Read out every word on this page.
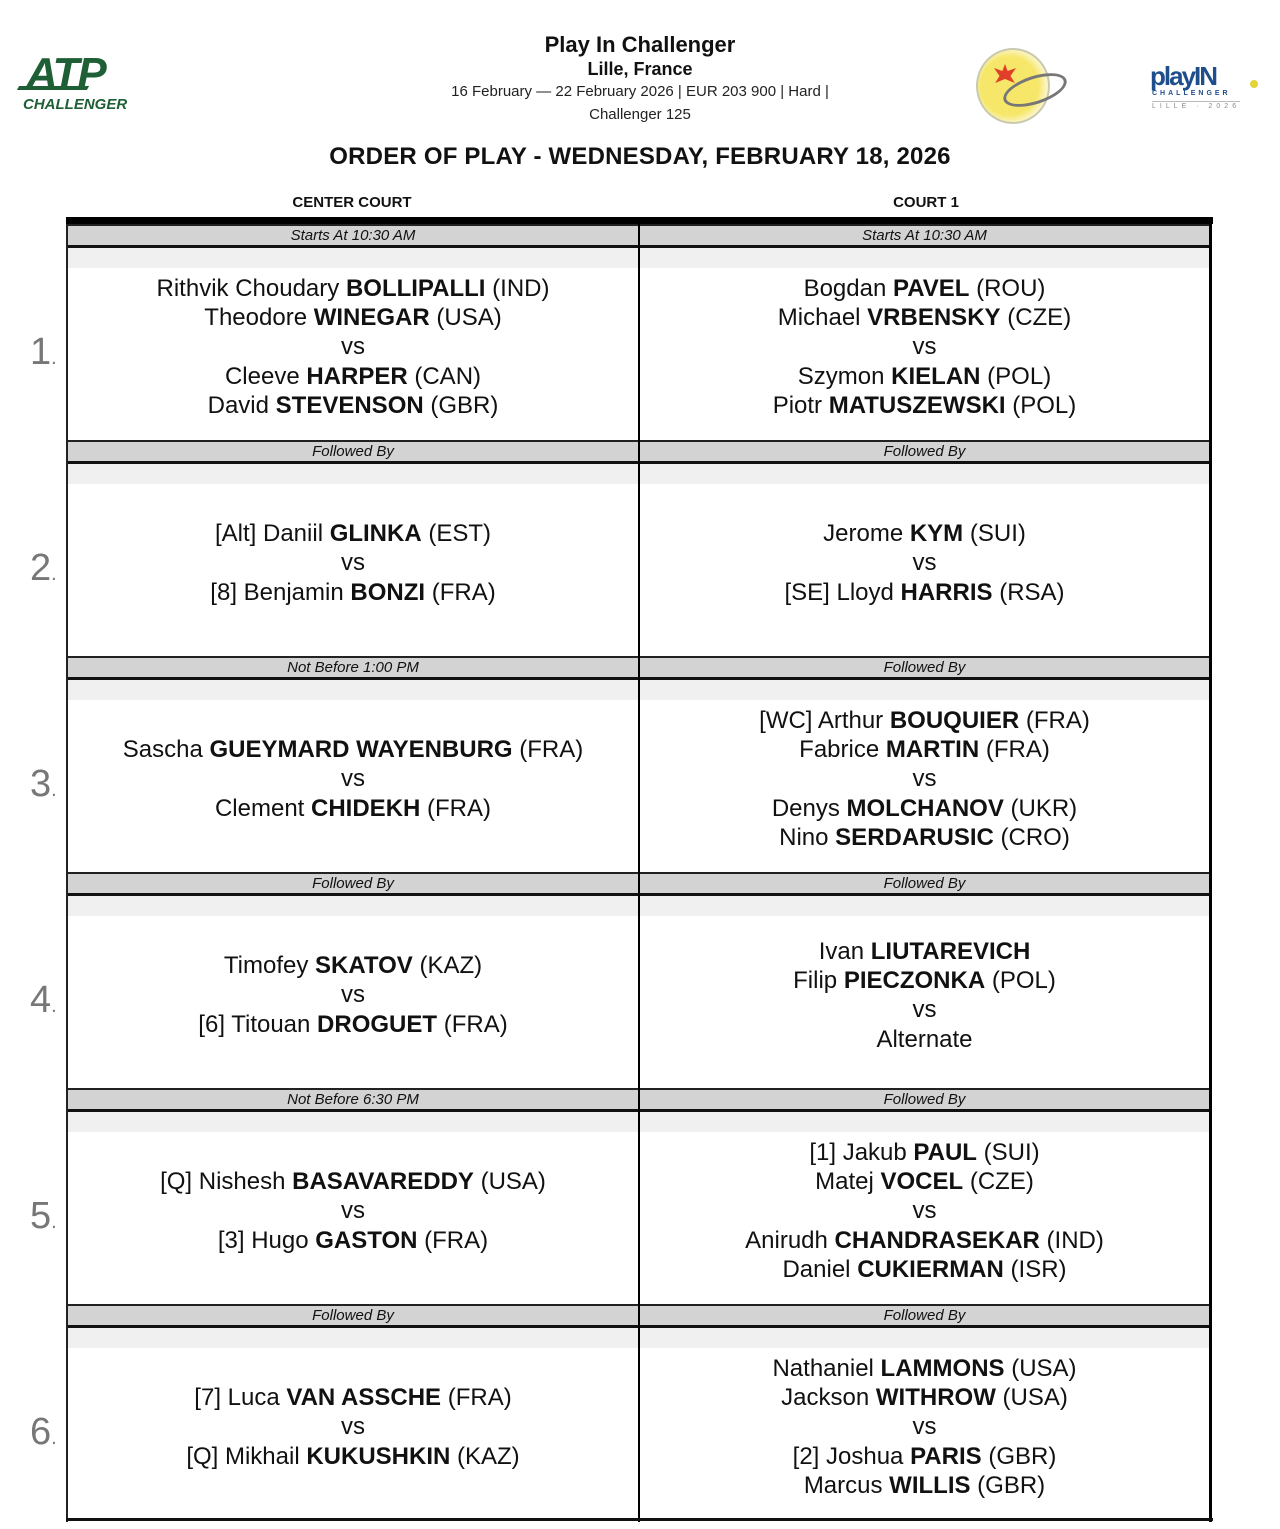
ATP
CHALLENGER
playIN
CHALLENGER
LILLE · 2026
Play In Challenger
Lille, France
16 February — 22 February 2026 | EUR 203 900 | Hard |
Challenger 125
ORDER OF PLAY - WEDNESDAY, FEBRUARY 18, 2026
CENTER COURT	COURT 1
1.
2.
3.
4.
5.
6.
Starts At 10:30 AM
Rithvik Choudary BOLLIPALLI (IND)
Theodore WINEGAR (USA)
vs
Cleeve HARPER (CAN)
David STEVENSON (GBR)
Followed By
[Alt] Daniil GLINKA (EST)
vs
[8] Benjamin BONZI (FRA)
Not Before 1:00 PM
Sascha GUEYMARD WAYENBURG (FRA)
vs
Clement CHIDEKH (FRA)
Followed By
Timofey SKATOV (KAZ)
vs
[6] Titouan DROGUET (FRA)
Not Before 6:30 PM
[Q] Nishesh BASAVAREDDY (USA)
vs
[3] Hugo GASTON (FRA)
Followed By
[7] Luca VAN ASSCHE (FRA)
vs
[Q] Mikhail KUKUSHKIN (KAZ)
Starts At 10:30 AM
Bogdan PAVEL (ROU)
Michael VRBENSKY (CZE)
vs
Szymon KIELAN (POL)
Piotr MATUSZEWSKI (POL)
Followed By
Jerome KYM (SUI)
vs
[SE] Lloyd HARRIS (RSA)
Followed By
[WC] Arthur BOUQUIER (FRA)
Fabrice MARTIN (FRA)
vs
Denys MOLCHANOV (UKR)
Nino SERDARUSIC (CRO)
Followed By
Ivan LIUTAREVICH
Filip PIECZONKA (POL)
vs
Alternate
Followed By
[1] Jakub PAUL (SUI)
Matej VOCEL (CZE)
vs
Anirudh CHANDRASEKAR (IND)
Daniel CUKIERMAN (ISR)
Followed By
Nathaniel LAMMONS (USA)
Jackson WITHROW (USA)
vs
[2] Joshua PARIS (GBR)
Marcus WILLIS (GBR)
